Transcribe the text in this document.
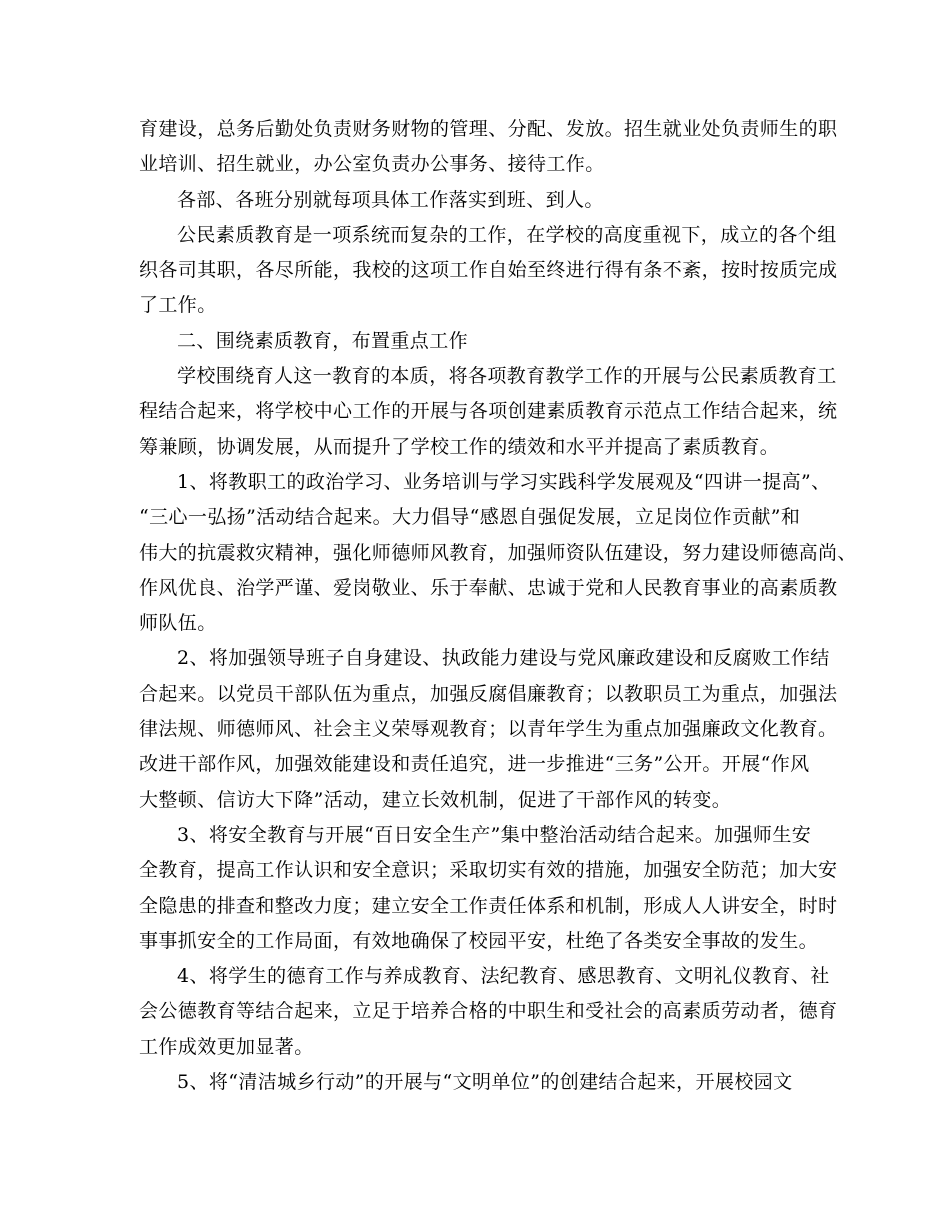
育建设，总务后勤处负责财务财物的管理、分配、发放。招生就业处负责师生的职
业培训、招生就业，办公室负责办公事务、接待工作。
各部、各班分别就每项具体工作落实到班、到人。
公民素质教育是一项系统而复杂的工作，在学校的高度重视下，成立的各个组
织各司其职，各尽所能，我校的这项工作自始至终进行得有条不紊，按时按质完成
了工作。
二、围绕素质教育，布置重点工作
学校围绕育人这一教育的本质，将各项教育教学工作的开展与公民素质教育工
程结合起来，将学校中心工作的开展与各项创建素质教育示范点工作结合起来，统
筹兼顾，协调发展，从而提升了学校工作的绩效和水平并提高了素质教育。
1、将教职工的政治学习、业务培训与学习实践科学发展观及“四讲一提高”、
“三心一弘扬”活动结合起来。大力倡导“感恩自强促发展，立足岗位作贡献”和
伟大的抗震救灾精神，强化师德师风教育，加强师资队伍建设，努力建设师德高尚、
作风优良、治学严谨、爱岗敬业、乐于奉献、忠诚于党和人民教育事业的高素质教
师队伍。
2、将加强领导班子自身建设、执政能力建设与党风廉政建设和反腐败工作结
合起来。以党员干部队伍为重点，加强反腐倡廉教育；以教职员工为重点，加强法
律法规、师德师风、社会主义荣辱观教育；以青年学生为重点加强廉政文化教育。
改进干部作风，加强效能建设和责任追究，进一步推进“三务”公开。开展“作风
大整顿、信访大下降”活动，建立长效机制，促进了干部作风的转变。
3、将安全教育与开展“百日安全生产”集中整治活动结合起来。加强师生安
全教育，提高工作认识和安全意识；采取切实有效的措施，加强安全防范；加大安
全隐患的排查和整改力度；建立安全工作责任体系和机制，形成人人讲安全，时时
事事抓安全的工作局面，有效地确保了校园平安，杜绝了各类安全事故的发生。
4、将学生的德育工作与养成教育、法纪教育、感思教育、文明礼仪教育、社
会公德教育等结合起来，立足于培养合格的中职生和受社会的高素质劳动者，德育
工作成效更加显著。
5、将“清洁城乡行动”的开展与“文明单位”的创建结合起来，开展校园文
